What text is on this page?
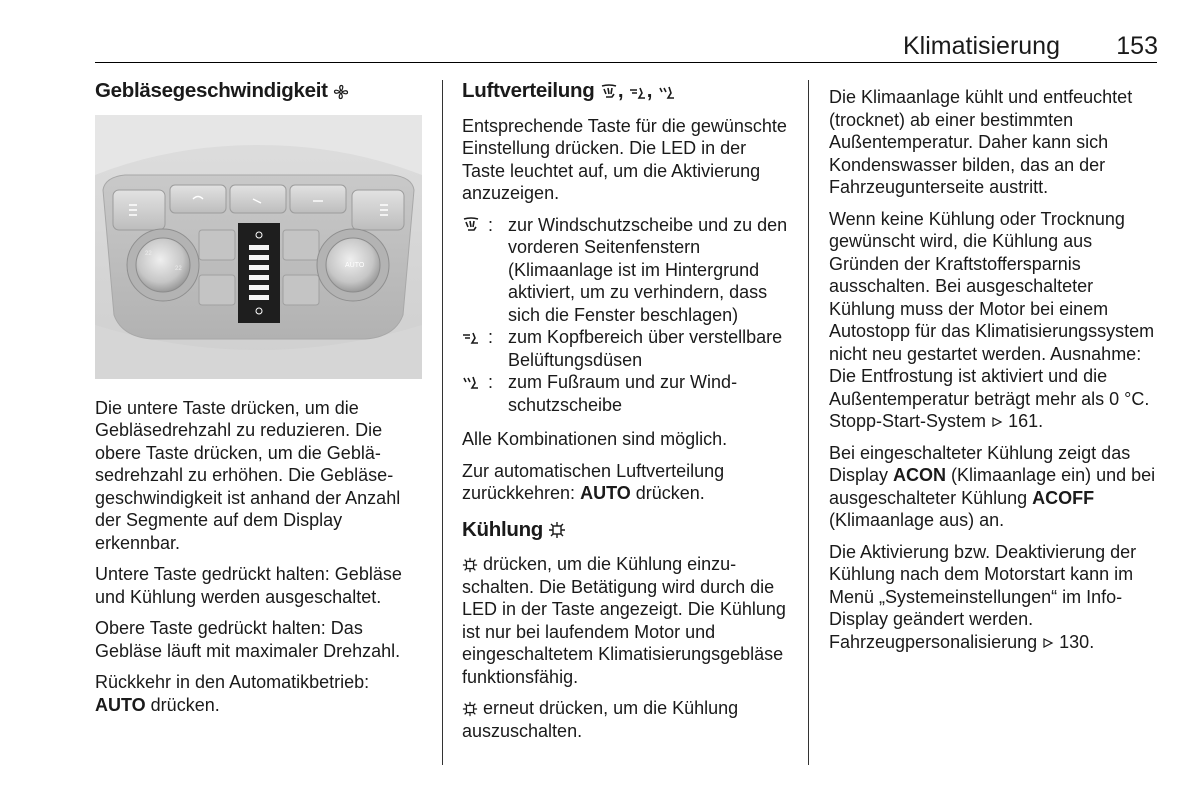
Klimatisierung	153
Gebläsegeschwindigkeit
22
22	AUTO

Die untere Taste drücken, um die Gebläsedrehzahl zu reduzieren. Die obere Taste drücken, um die Gebläsedrehzahl zu erhöhen. Die Gebläsegeschwindigkeit ist anhand der Anzahl der Segmente auf dem Display erkennbar.

Untere Taste gedrückt halten: Gebläse und Kühlung werden ausgeschaltet.

Obere Taste gedrückt halten: Das Gebläse läuft mit maximaler Drehzahl.

Rückkehr in den Automatikbetrieb:
AUTO drücken.

Luftverteilung , ,

Entsprechende Taste für die gewünschte Einstellung drücken. Die LED in der Taste leuchtet auf, um die Aktivierung anzuzeigen.

: zur Windschutzscheibe und zu den vorderen Seitenfenstern (Klimaanlage ist im Hintergrund aktiviert, um zu verhindern, dass sich die Fenster beschlagen)
: zum Kopfbereich über verstellbare Belüftungsdüsen
: zum Fußraum und zur Windschutzscheibe

Alle Kombinationen sind möglich.

Zur automatischen Luftverteilung zurückkehren: AUTO drücken.

Kühlung

drücken, um die Kühlung einzuschalten. Die Betätigung wird durch die LED in der Taste angezeigt. Die Kühlung ist nur bei laufendem Motor und eingeschaltetem Klimatisierungsgebläse funktionsfähig.

erneut drücken, um die Kühlung auszuschalten.

Die Klimaanlage kühlt und entfeuchtet (trocknet) ab einer bestimmten Außentemperatur. Daher kann sich Kondenswasser bilden, das an der Fahrzeugunterseite austritt.

Wenn keine Kühlung oder Trocknung gewünscht wird, die Kühlung aus Gründen der Kraftstoffersparnis ausschalten. Bei ausgeschalteter Kühlung muss der Motor bei einem Autostopp für das Klimatisierungssystem nicht neu gestartet werden. Ausnahme: Die Entfrostung ist aktiviert und die Außentemperatur beträgt mehr als 0 °C. Stopp-Start-System 161.

Bei eingeschalteter Kühlung zeigt das Display ACON (Klimaanlage ein) und bei ausgeschalteter Kühlung ACOFF (Klimaanlage aus) an.

Die Aktivierung bzw. Deaktivierung der Kühlung nach dem Motorstart kann im Menü „Systemeinstellungen“ im Info-Display geändert werden. Fahrzeugpersonalisierung 130.
